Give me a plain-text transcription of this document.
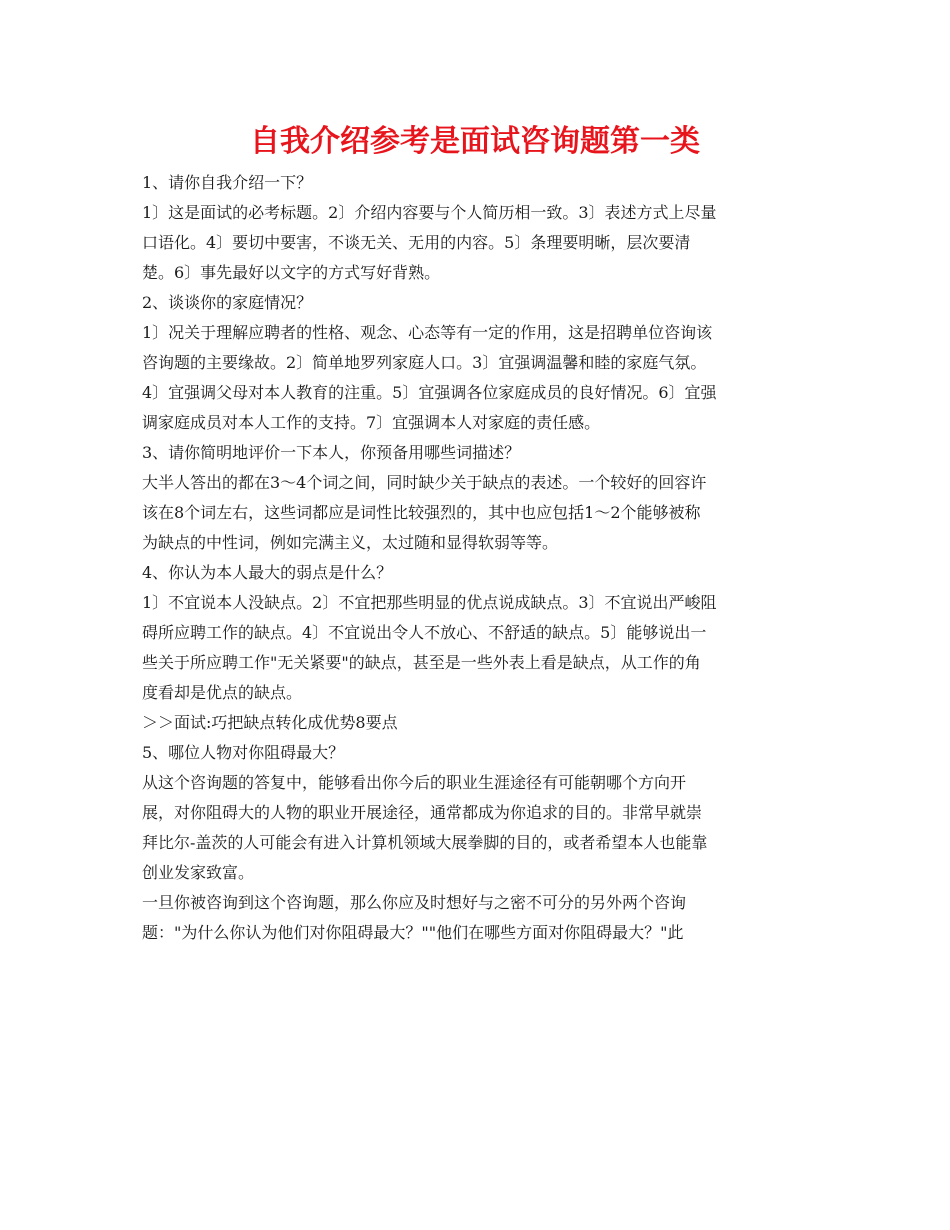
自我介绍参考是面试咨询题第一类
1、请你自我介绍一下？
1〕这是面试的必考标题。2〕介绍内容要与个人简历相一致。3〕表述方式上尽量
口语化。4〕要切中要害，不谈无关、无用的内容。5〕条理要明晰，层次要清
楚。6〕事先最好以文字的方式写好背熟。
2、谈谈你的家庭情况？
1〕况关于理解应聘者的性格、观念、心态等有一定的作用，这是招聘单位咨询该
咨询题的主要缘故。2〕简单地罗列家庭人口。3〕宜强调温馨和睦的家庭气氛。
4〕宜强调父母对本人教育的注重。5〕宜强调各位家庭成员的良好情况。6〕宜强
调家庭成员对本人工作的支持。7〕宜强调本人对家庭的责任感。
3、请你简明地评价一下本人，你预备用哪些词描述？
大半人答出的都在3～4个词之间，同时缺少关于缺点的表述。一个较好的回容许
该在8个词左右，这些词都应是词性比较强烈的，其中也应包括1～2个能够被称
为缺点的中性词，例如完满主义，太过随和显得软弱等等。
4、你认为本人最大的弱点是什么？
1〕不宜说本人没缺点。2〕不宜把那些明显的优点说成缺点。3〕不宜说出严峻阻
碍所应聘工作的缺点。4〕不宜说出令人不放心、不舒适的缺点。5〕能够说出一
些关于所应聘工作"无关紧要"的缺点，甚至是一些外表上看是缺点，从工作的角
度看却是优点的缺点。
＞＞面试:巧把缺点转化成优势8要点
5、哪位人物对你阻碍最大？
从这个咨询题的答复中，能够看出你今后的职业生涯途径有可能朝哪个方向开
展，对你阻碍大的人物的职业开展途径，通常都成为你追求的目的。非常早就崇
拜比尔-盖茨的人可能会有进入计算机领域大展拳脚的目的，或者希望本人也能靠
创业发家致富。
一旦你被咨询到这个咨询题，那么你应及时想好与之密不可分的另外两个咨询
题："为什么你认为他们对你阻碍最大？""他们在哪些方面对你阻碍最大？"此
